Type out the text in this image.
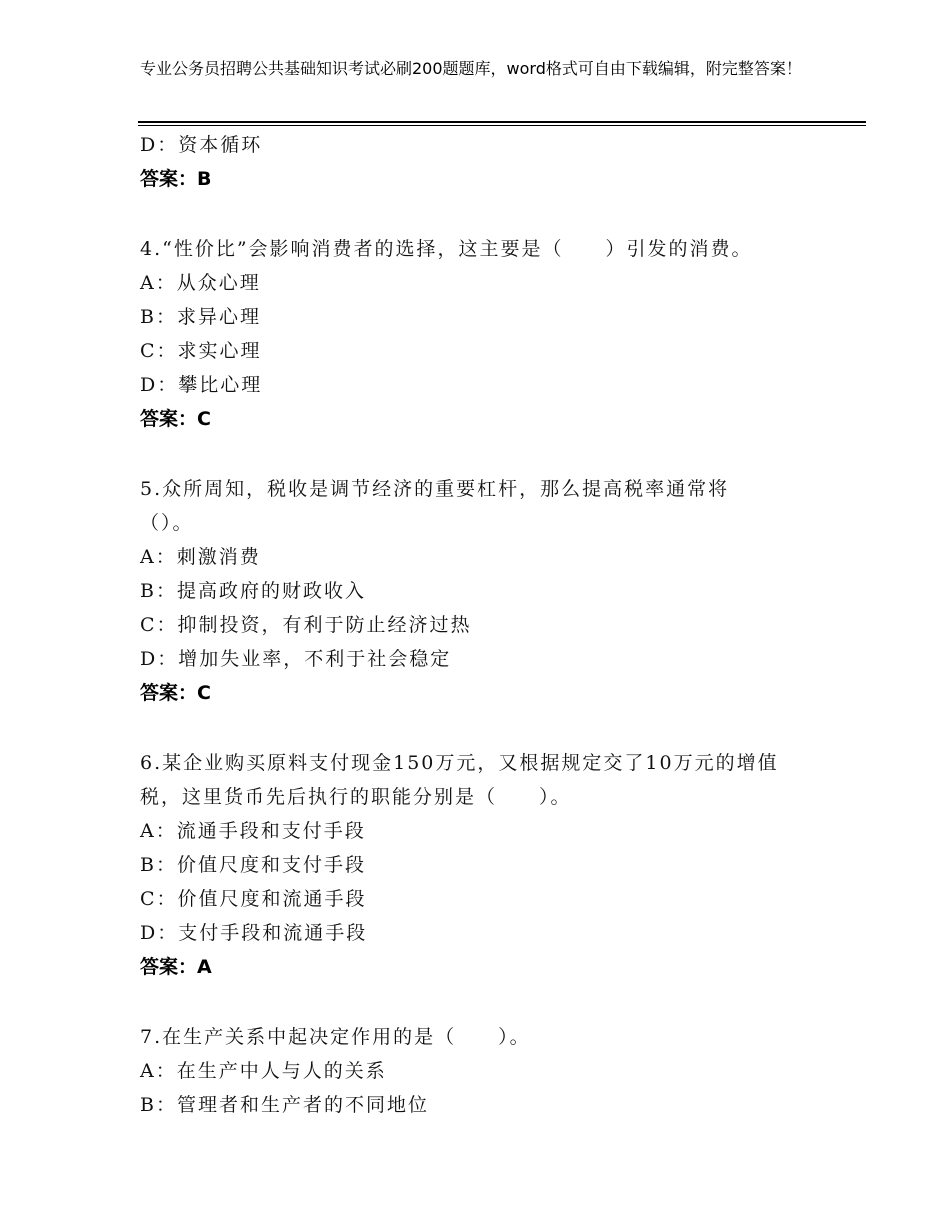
专业公务员招聘公共基础知识考试必刷200题题库，word格式可自由下载编辑，附完整答案！
D：资本循环
答案：B
4.“性价比”会影响消费者的选择，这主要是（　　）引发的消费。
A：从众心理
B：求异心理
C：求实心理
D：攀比心理
答案：C
5.众所周知，税收是调节经济的重要杠杆，那么提高税率通常将（）。
A：刺激消费
B：提高政府的财政收入
C：抑制投资，有利于防止经济过热
D：增加失业率，不利于社会稳定
答案：C
6.某企业购买原料支付现金150万元，又根据规定交了10万元的增值税，这里货币先后执行的职能分别是（　　）。
A：流通手段和支付手段
B：价值尺度和支付手段
C：价值尺度和流通手段
D：支付手段和流通手段
答案：A
7.在生产关系中起决定作用的是（　　）。
A：在生产中人与人的关系
B：管理者和生产者的不同地位
